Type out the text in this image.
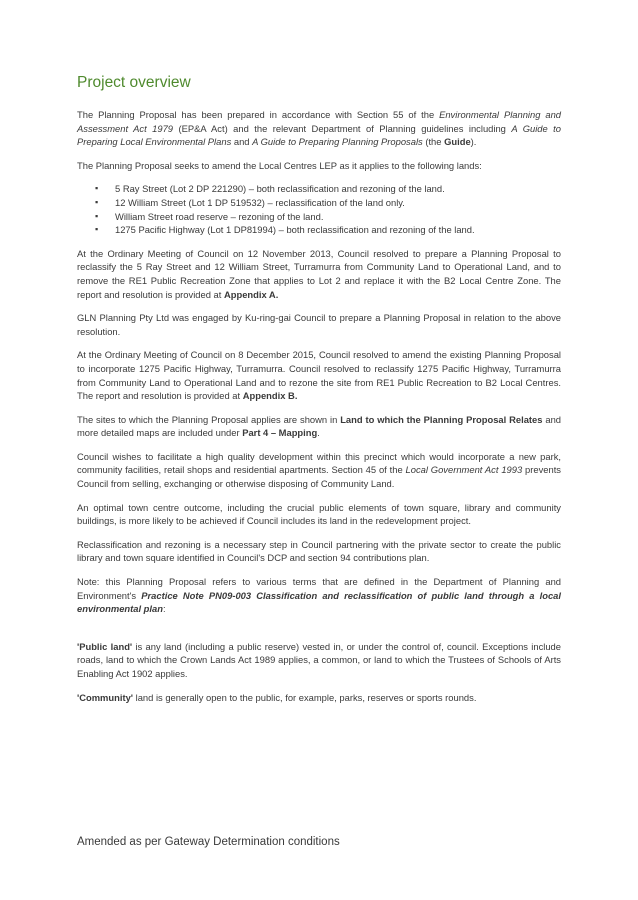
Project overview

The Planning Proposal has been prepared in accordance with Section 55 of the Environmental Planning and Assessment Act 1979 (EP&A Act) and the relevant Department of Planning guidelines including A Guide to Preparing Local Environmental Plans and A Guide to Preparing Planning Proposals (the Guide).

The Planning Proposal seeks to amend the Local Centres LEP as it applies to the following lands:

▪ 5 Ray Street (Lot 2 DP 221290) – both reclassification and rezoning of the land.
▪ 12 William Street (Lot 1 DP 519532) – reclassification of the land only.
▪ William Street road reserve – rezoning of the land.
▪ 1275 Pacific Highway (Lot 1 DP81994) – both reclassification and rezoning of the land.

At the Ordinary Meeting of Council on 12 November 2013, Council resolved to prepare a Planning Proposal to reclassify the 5 Ray Street and 12 William Street, Turramurra from Community Land to Operational Land, and to remove the RE1 Public Recreation Zone that applies to Lot 2 and replace it with the B2 Local Centre Zone. The report and resolution is provided at Appendix A.

GLN Planning Pty Ltd was engaged by Ku-ring-gai Council to prepare a Planning Proposal in relation to the above resolution.

At the Ordinary Meeting of Council on 8 December 2015, Council resolved to amend the existing Planning Proposal to incorporate 1275 Pacific Highway, Turramurra. Council resolved to reclassify 1275 Pacific Highway, Turramurra from Community Land to Operational Land and to rezone the site from RE1 Public Recreation to B2 Local Centres. The report and resolution is provided at Appendix B.

The sites to which the Planning Proposal applies are shown in Land to which the Planning Proposal Relates and more detailed maps are included under Part 4 – Mapping.

Council wishes to facilitate a high quality development within this precinct which would incorporate a new park, community facilities, retail shops and residential apartments. Section 45 of the Local Government Act 1993 prevents Council from selling, exchanging or otherwise disposing of Community Land.

An optimal town centre outcome, including the crucial public elements of town square, library and community buildings, is more likely to be achieved if Council includes its land in the redevelopment project.

Reclassification and rezoning is a necessary step in Council partnering with the private sector to create the public library and town square identified in Council's DCP and section 94 contributions plan.

Note: this Planning Proposal refers to various terms that are defined in the Department of Planning and Environment's Practice Note PN09-003 Classification and reclassification of public land through a local environmental plan:

'Public land' is any land (including a public reserve) vested in, or under the control of, council. Exceptions include roads, land to which the Crown Lands Act 1989 applies, a common, or land to which the Trustees of Schools of Arts Enabling Act 1902 applies.

'Community' land is generally open to the public, for example, parks, reserves or sports rounds.

Amended as per Gateway Determination conditions
